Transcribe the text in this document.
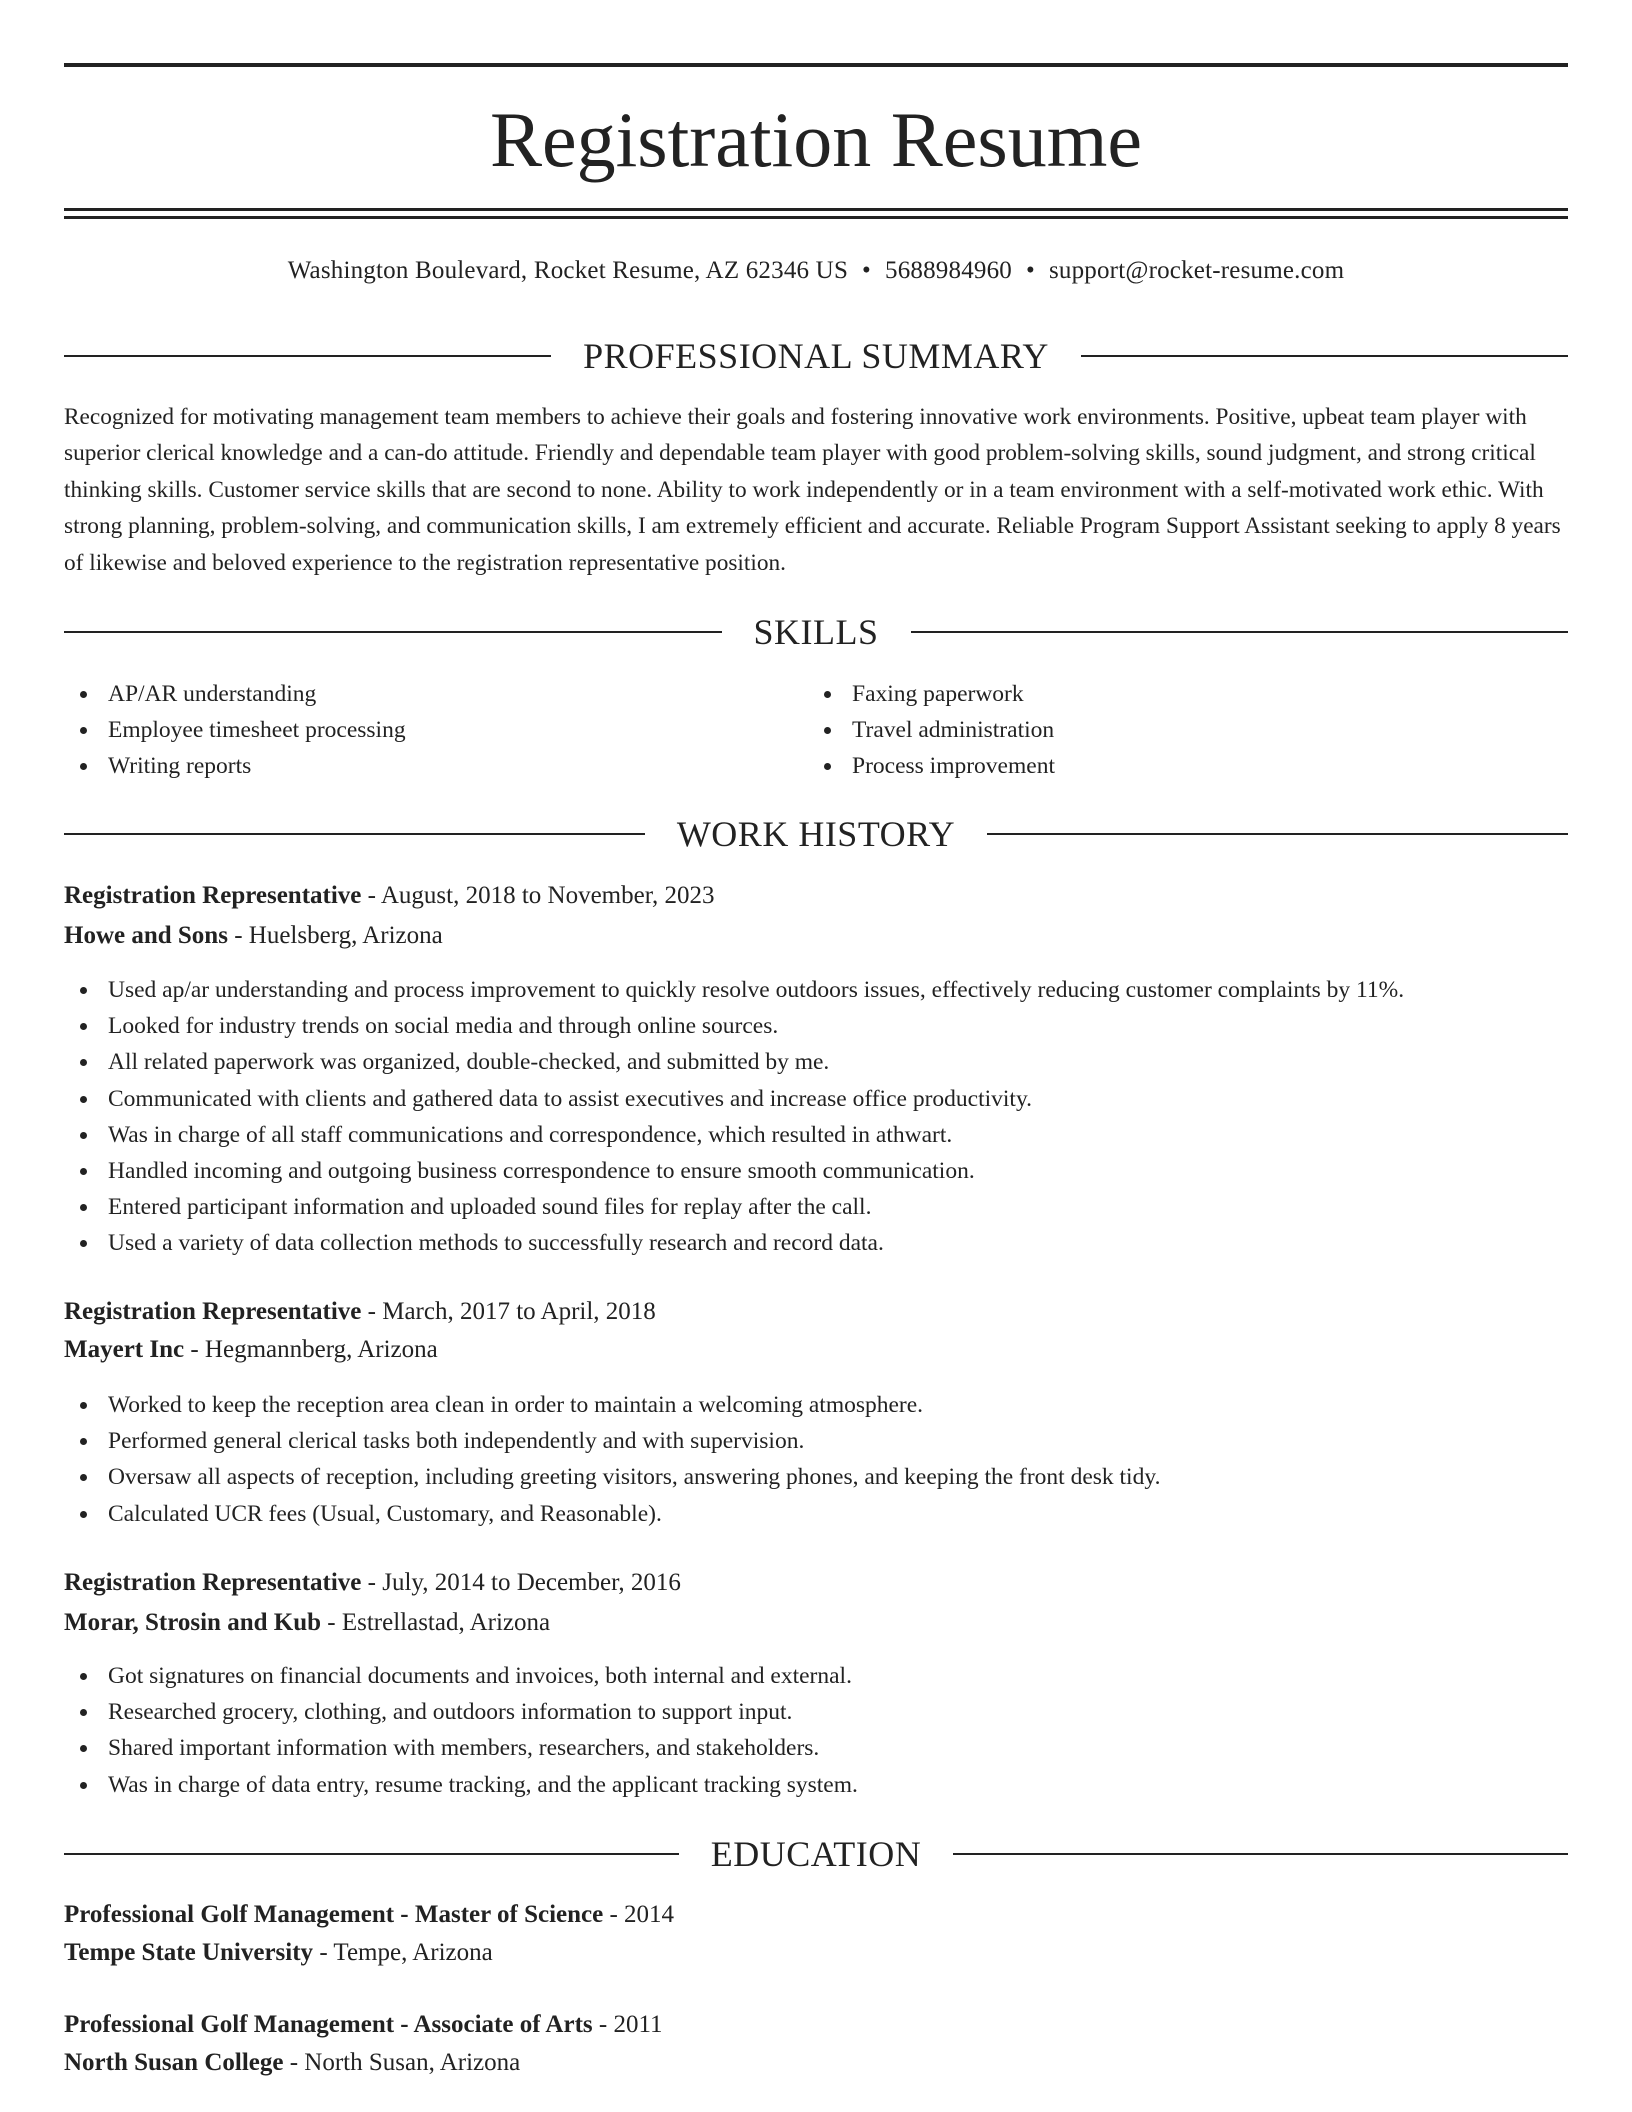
Registration Resume
Washington Boulevard, Rocket Resume, AZ 62346 US • 5688984960 • support@rocket-resume.com
PROFESSIONAL SUMMARY

Recognized for motivating management team members to achieve their goals and fostering innovative work environments. Positive, upbeat team player with superior clerical knowledge and a can-do attitude. Friendly and dependable team player with good problem-solving skills, sound judgment, and strong critical thinking skills. Customer service skills that are second to none. Ability to work independently or in a team environment with a self-motivated work ethic. With strong planning, problem-solving, and communication skills, I am extremely efficient and accurate. Reliable Program Support Assistant seeking to apply 8 years of likewise and beloved experience to the registration representative position.

SKILLS
AP/AR understanding
Employee timesheet processing
Writing reports
Faxing paperwork
Travel administration
Process improvement
WORK HISTORY
Registration Representative - August, 2018 to November, 2023
Howe and Sons - Huelsberg, Arizona
Used ap/ar understanding and process improvement to quickly resolve outdoors issues, effectively reducing customer complaints by 11%.
Looked for industry trends on social media and through online sources.
All related paperwork was organized, double-checked, and submitted by me.
Communicated with clients and gathered data to assist executives and increase office productivity.
Was in charge of all staff communications and correspondence, which resulted in athwart.
Handled incoming and outgoing business correspondence to ensure smooth communication.
Entered participant information and uploaded sound files for replay after the call.
Used a variety of data collection methods to successfully research and record data.
Registration Representative - March, 2017 to April, 2018
Mayert Inc - Hegmannberg, Arizona
Worked to keep the reception area clean in order to maintain a welcoming atmosphere.
Performed general clerical tasks both independently and with supervision.
Oversaw all aspects of reception, including greeting visitors, answering phones, and keeping the front desk tidy.
Calculated UCR fees (Usual, Customary, and Reasonable).
Registration Representative - July, 2014 to December, 2016
Morar, Strosin and Kub - Estrellastad, Arizona
Got signatures on financial documents and invoices, both internal and external.
Researched grocery, clothing, and outdoors information to support input.
Shared important information with members, researchers, and stakeholders.
Was in charge of data entry, resume tracking, and the applicant tracking system.
EDUCATION
Professional Golf Management - Master of Science - 2014
Tempe State University - Tempe, Arizona
Professional Golf Management - Associate of Arts - 2011
North Susan College - North Susan, Arizona
